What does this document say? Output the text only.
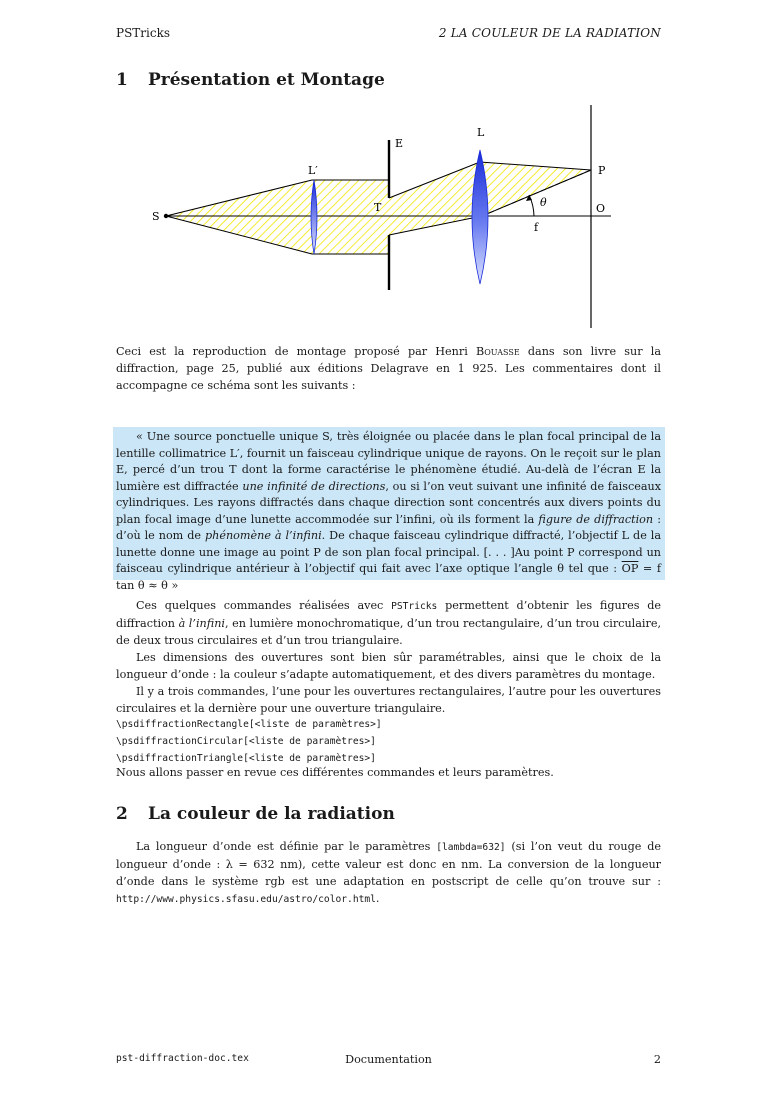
PSTricks	2 LA COULEUR DE LA RADIATION
1 Présentation et Montage
S
L′
E
T
L
P
O
θ
f

Ceci est la reproduction de montage proposé par Henri Bouasse dans son livre sur la diffraction, page 25, publié aux éditions Delagrave en 1 925. Les commentaires dont il accompagne ce schéma sont les suivants :

« Une source ponctuelle unique S, très éloignée ou placée dans le plan focal principal de la lentille collimatrice L′, fournit un faisceau cylindrique unique de rayons. On le reçoit sur le plan E, percé d’un trou T dont la forme caractérise le phénomène étudié. Au-delà de l’écran E la lumière est diffractée une infinité de directions, ou si l’on veut suivant une infinité de faisceaux cylindriques. Les rayons diffractés dans chaque direction sont concentrés aux divers points du plan focal image d’une lunette accommodée sur l’infini, où ils forment la figure de diffraction : d’où le nom de phénomène à l’infini. De chaque faisceau cylindrique diffracté, l’objectif L de la lunette donne une image au point P de son plan focal principal. [. . . ]Au point P correspond un faisceau cylindrique antérieur à l’objectif qui fait avec l’axe optique l’angle θ tel que : $\overline{OP} = f$ tan θ ≈ θ »

Ces quelques commandes réalisées avec PSTricks permettent d’obtenir les figures de diffraction à l’infini, en lumière monochromatique, d’un trou rectangulaire, d’un trou circulaire, de deux trous circulaires et d’un trou triangulaire.

Les dimensions des ouvertures sont bien sûr paramétrables, ainsi que le choix de la longueur d’onde : la couleur s’adapte automatiquement, et des divers paramètres du montage.

Il y a trois commandes, l’une pour les ouvertures rectangulaires, l’autre pour les ouvertures circulaires et la dernière pour une ouverture triangulaire.

\psdiffractionRectangle[<liste de paramètres>]
\psdiffractionCircular[<liste de paramètres>]
\psdiffractionTriangle[<liste de paramètres>]

Nous allons passer en revue ces différentes commandes et leurs paramètres.

2 La couleur de la radiation

La longueur d’onde est définie par le paramètres [lambda=632] (si l’on veut du rouge de longueur d’onde : λ = 632 nm), cette valeur est donc en nm. La conversion de la longueur d’onde dans le système rgb est une adaptation en postscript de celle qu’on trouve sur : http://www.physics.sfasu.edu/astro/color.html.

pst-diffraction-doc.tex	Documentation	2
